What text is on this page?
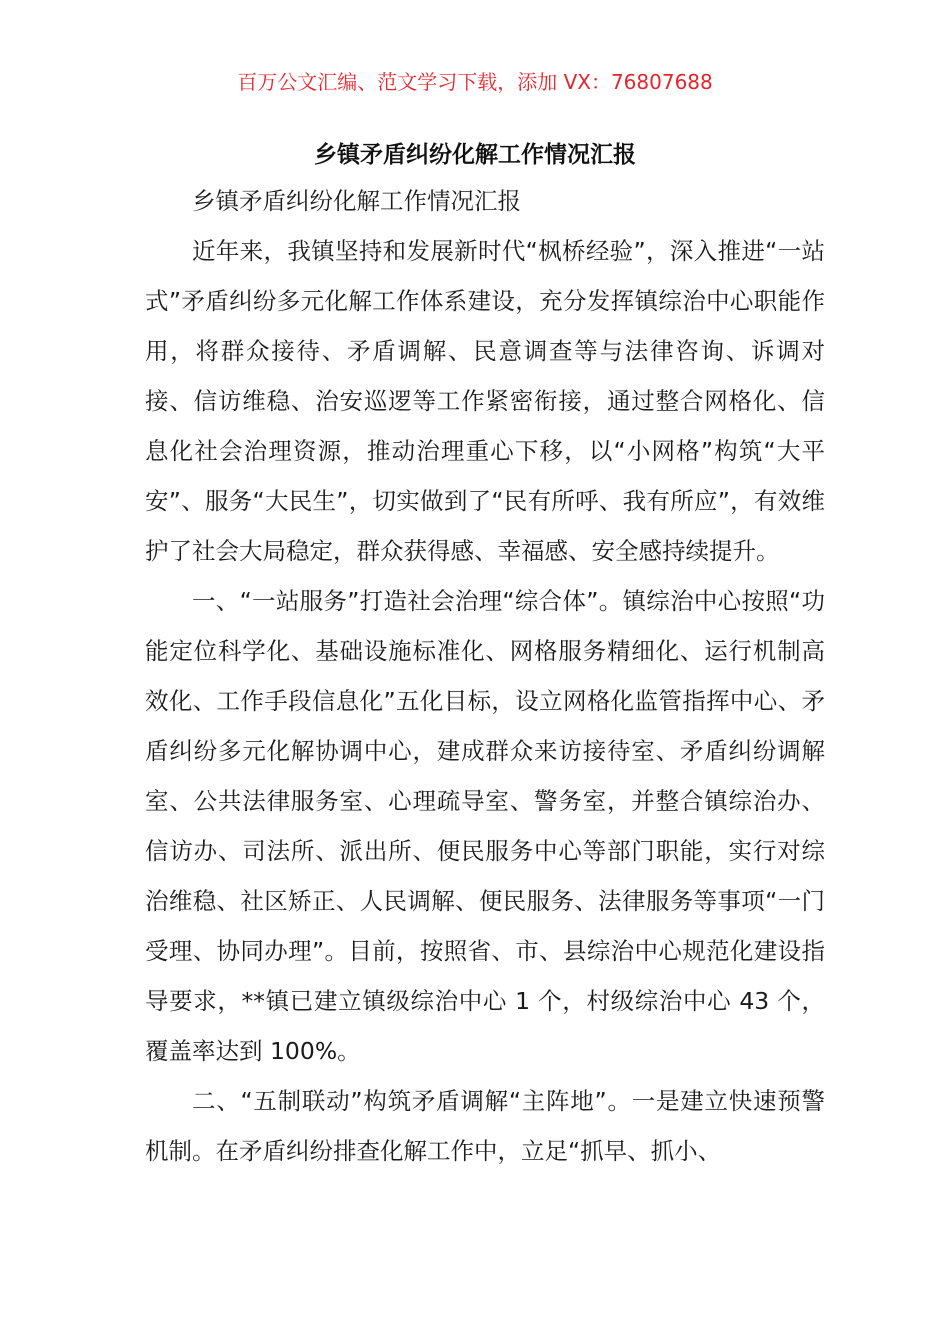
百万公文汇编、范文学习下载，添加 VX：76807688
乡镇矛盾纠纷化解工作情况汇报

乡镇矛盾纠纷化解工作情况汇报

近年来，我镇坚持和发展新时代“枫桥经验”，深入推进“一站式”矛盾纠纷多元化解工作体系建设，充分发挥镇综治中心职能作用，将群众接待、矛盾调解、民意调查等与法律咨询、诉调对接、信访维稳、治安巡逻等工作紧密衔接，通过整合网格化、信息化社会治理资源，推动治理重心下移，以“小网格”构筑“大平安”、服务“大民生”，切实做到了“民有所呼、我有所应”，有效维护了社会大局稳定，群众获得感、幸福感、安全感持续提升。

一、“一站服务”打造社会治理“综合体”。镇综治中心按照“功能定位科学化、基础设施标准化、网格服务精细化、运行机制高效化、工作手段信息化”五化目标，设立网格化监管指挥中心、矛盾纠纷多元化解协调中心，建成群众来访接待室、矛盾纠纷调解室、公共法律服务室、心理疏导室、警务室，并整合镇综治办、信访办、司法所、派出所、便民服务中心等部门职能，实行对综治维稳、社区矫正、人民调解、便民服务、法律服务等事项“一门受理、协同办理”。目前，按照省、市、县综治中心规范化建设指导要求，**镇已建立镇级综治中心 1 个，村级综治中心 43 个，覆盖率达到 100%。

二、“五制联动”构筑矛盾调解“主阵地”。一是建立快速预警机制。在矛盾纠纷排查化解工作中，立足“抓早、抓小、
